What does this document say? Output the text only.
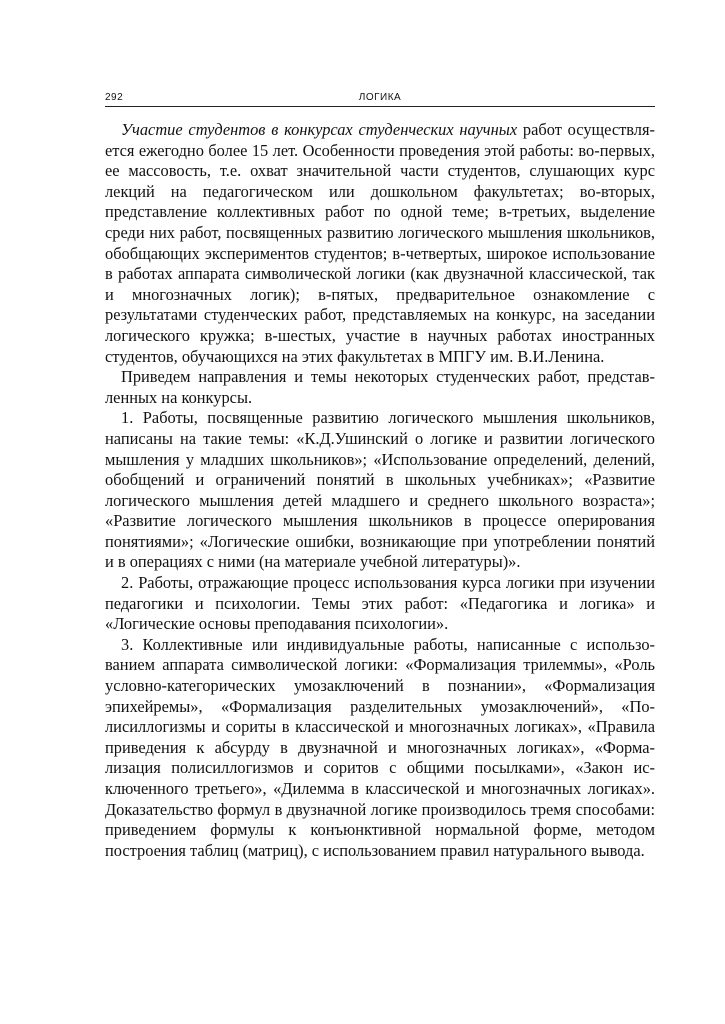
292	ЛОГИКА

Участие студентов в конкурсах студенческих научных работ осуществляется ежегодно более 15 лет. Особенности проведения этой работы: во-первых, ее массовость, т.е. охват значительной части студентов, слушающих курс лекций на педагогическом или дошкольном факультетах; во-вторых, представление коллективных работ по одной теме; в-третьих, выделение среди них работ, посвященных развитию логического мышления школьников, обобщающих экспериментов студентов; в-четвертых, широкое использование в работах аппарата символической логики (как двузначной классической, так и многозначных логик); в-пятых, предварительное ознакомление с результатами студенческих работ, представляемых на конкурс, на заседании логического кружка; в-шестых, участие в научных работах иностранных студентов, обучающихся на этих факультетах в МПГУ им. В.И.Ленина.

Приведем направления и темы некоторых студенческих работ, представленных на конкурсы.

1. Работы, посвященные развитию логического мышления школьников, написаны на такие темы: «К.Д.Ушинский о логике и развитии логического мышления у младших школьников»; «Использование определений, делений, обобщений и ограничений понятий в школьных учебниках»; «Развитие логического мышления детей младшего и среднего школьного возраста»; «Развитие логического мышления школьников в процессе оперирования понятиями»; «Логические ошибки, возникающие при употреблении понятий и в операциях с ними (на материале учебной литературы)».

2. Работы, отражающие процесс использования курса логики при изучении педагогики и психологии. Темы этих работ: «Педагогика и логика» и «Логические основы преподавания психологии».

3. Коллективные или индивидуальные работы, написанные с использованием аппарата символической логики: «Формализация трилеммы», «Роль условно-категорических умозаключений в познании», «Формализация эпихейремы», «Формализация разделительных умозаключений», «Полисиллогизмы и сориты в классической и многозначных логиках», «Правила приведения к абсурду в двузначной и многозначных логиках», «Формализация полисиллогизмов и соритов с общими посылками», «Закон исключенного третьего», «Дилемма в классической и многозначных логиках». Доказательство формул в двузначной логике производилось тремя способами: приведением формулы к конъюнктивной нормальной форме, методом построения таблиц (матриц), с использованием правил натурального вывода.
